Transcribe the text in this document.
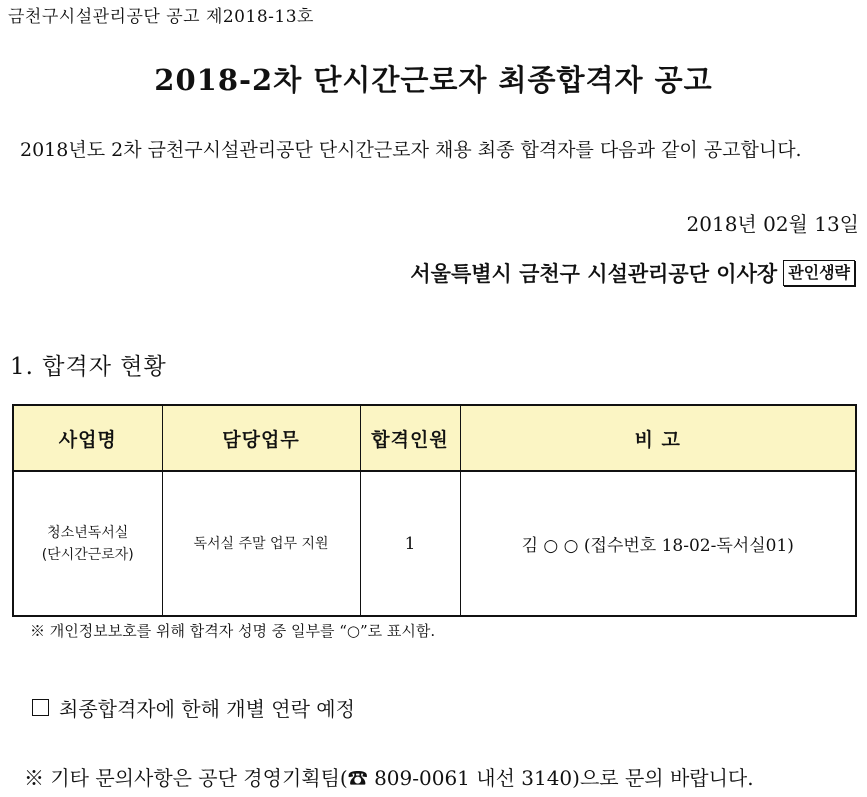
금천구시설관리공단 공고 제2018-13호
2018-2차 단시간근로자 최종합격자 공고
2018년도 2차 금천구시설관리공단 단시간근로자 채용 최종 합격자를 다음과 같이 공고합니다.
2018년 02월 13일
서울특별시 금천구 시설관리공단 이사장 관인생략
1. 합격자 현황
사업명	담당업무	합격인원	비 고

청소년독서실
(단시간근로자)	독서실 주말 업무 지원	1	김 ○ ○ (접수번호 18-02-독서실01)
※ 개인정보보호를 위해 합격자 성명 중 일부를 “○”로 표시함.
최종합격자에 한해 개별 연락 예정
※ 기타 문의사항은 공단 경영기획팀(☎ 809-0061 내선 3140)으로 문의 바랍니다.
